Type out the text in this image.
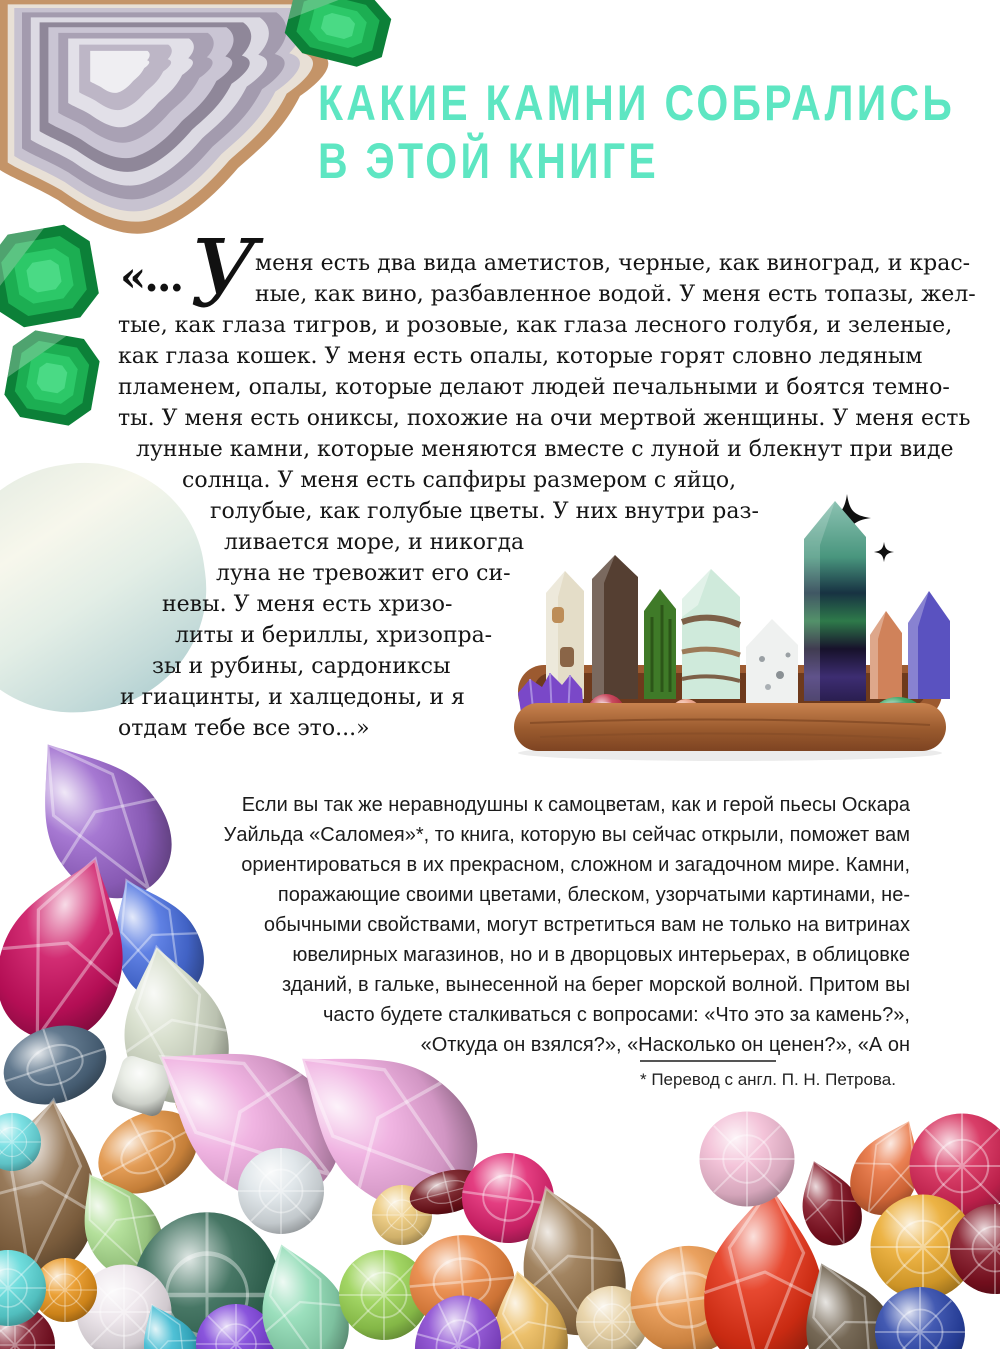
КАКИЕ КАМНИ СОБРАЛИСЬ
В ЭТОЙ КНИГЕ
«... У
меня есть два вида аметистов, черные, как виноград, и крас-
ные, как вино, разбавленное водой. У меня есть топазы, жел-
тые, как глаза тигров, и розовые, как глаза лесного голубя, и зеленые,
как глаза кошек. У меня есть опалы, которые горят словно ледяным
пламенем, опалы, которые делают людей печальными и боятся темно-
ты. У меня есть ониксы, похожие на очи мертвой женщины. У меня есть
лунные камни, которые меняются вместе с луной и блекнут при виде
солнца. У меня есть сапфиры размером с яйцо,
голубые, как голубые цветы. У них внутри раз-
ливается море, и никогда
луна не тревожит его си-
невы. У меня есть хризо-
литы и бериллы, хризопра-
зы и рубины, сардониксы
и гиацинты, и халцедоны, и я
отдам тебе все это...»
Если вы так же неравнодушны к самоцветам, как и герой пьесы Оскара
Уайльда «Саломея»*, то книга, которую вы сейчас открыли, поможет вам
ориентироваться в их прекрасном, сложном и загадочном мире. Камни,
поражающие своими цветами, блеском, узорчатыми картинами, не-
обычными свойствами, могут встретиться вам не только на витринах
ювелирных магазинов, но и в дворцовых интерьерах, в облицовке
зданий, в гальке, вынесенной на берег морской волной. Притом вы
часто будете сталкиваться с вопросами: «Что это за камень?»,
«Откуда он взялся?», «Насколько он ценен?», «А он
* Перевод с англ. П. Н. Петрова.
